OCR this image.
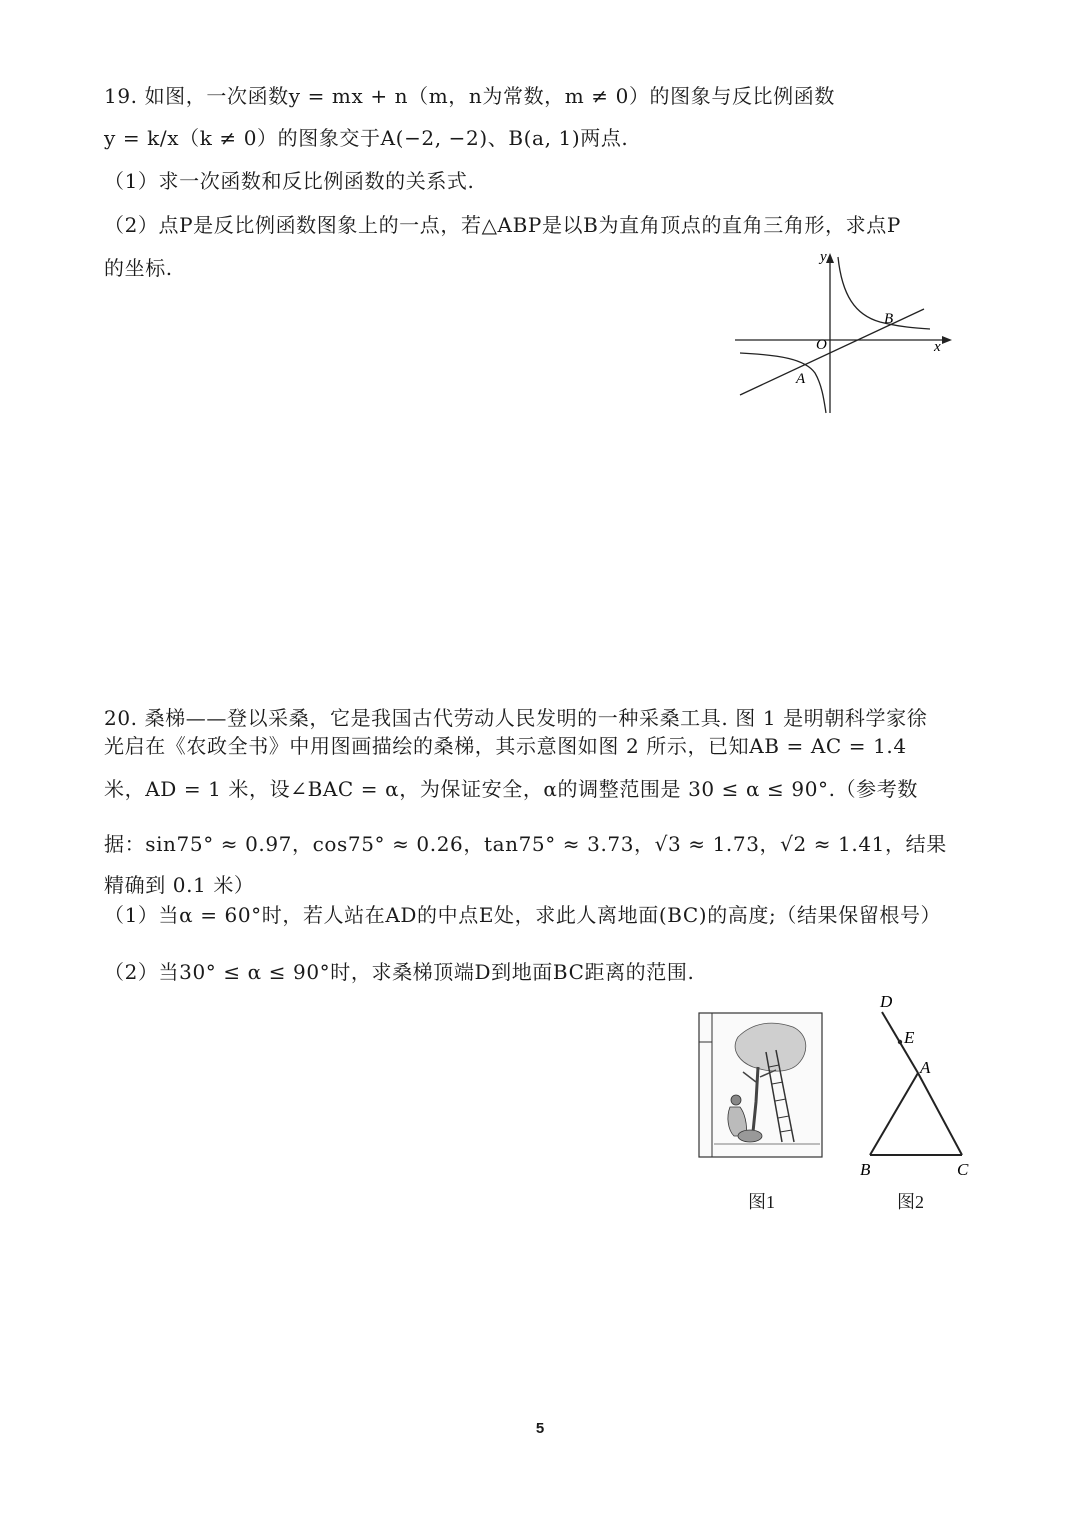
19. 如图，一次函数y = mx + n（m，n为常数，m ≠ 0）的图象与反比例函数
y = k/x（k ≠ 0）的图象交于A(−2, −2)、B(a, 1)两点.
（1）求一次函数和反比例函数的关系式.
（2）点P是反比例函数图象上的一点，若△ABP是以B为直角顶点的直角三角形，求点P
的坐标.	y
x
O
A
B
20. 桑梯——登以采桑，它是我国古代劳动人民发明的一种采桑工具. 图 1 是明朝科学家徐
光启在《农政全书》中用图画描绘的桑梯，其示意图如图 2 所示，已知AB = AC = 1.4
米，AD = 1 米，设∠BAC = α，为保证安全，α的调整范围是 30 ≤ α ≤ 90°.（参考数
据：sin75° ≈ 0.97，cos75° ≈ 0.26，tan75° ≈ 3.73，√3 ≈ 1.73，√2 ≈ 1.41，结果
精确到 0.1 米）
（1）当α = 60°时，若人站在AD的中点E处，求此人离地面(BC)的高度;（结果保留根号）
（2）当30° ≤ α ≤ 90°时，求桑梯顶端D到地面BC距离的范围.
图1
D
E
A
B	C
图2
5
